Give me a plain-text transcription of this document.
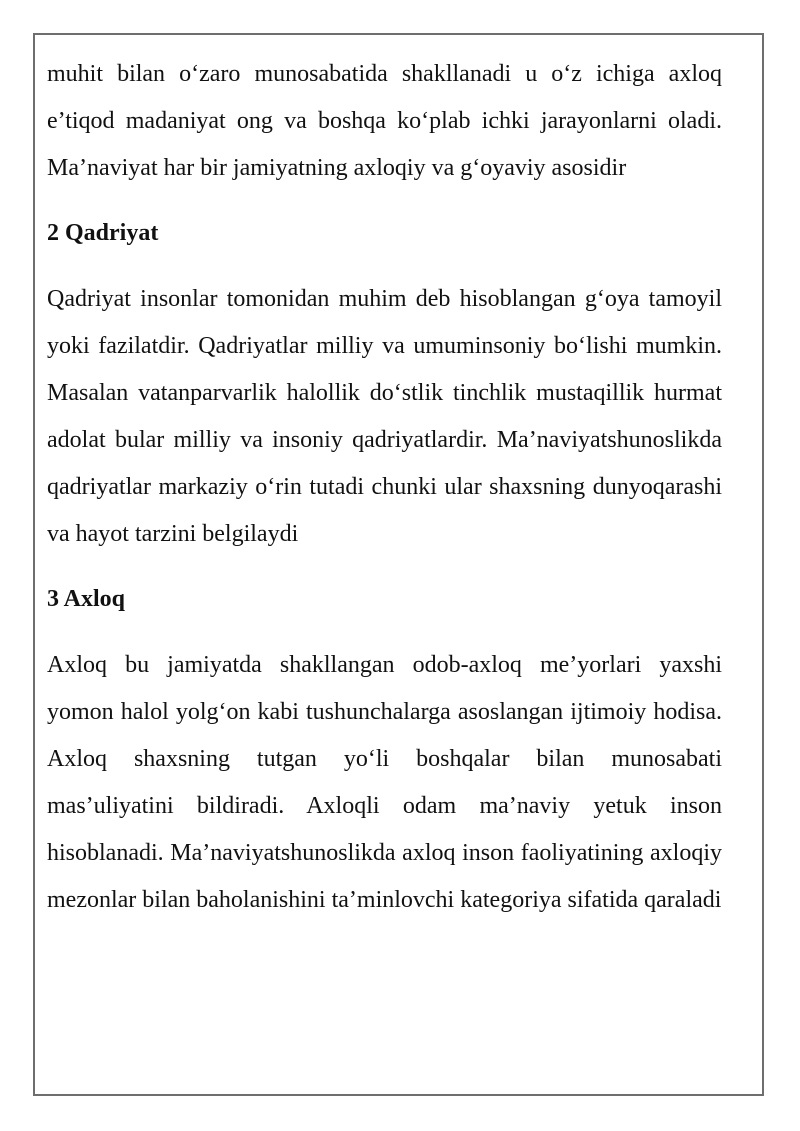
muhit bilan o‘zaro munosabatida shakllanadi u o‘z ichiga axloq e’tiqod madaniyat ong va boshqa ko‘plab ichki jarayonlarni oladi. Ma’naviyat har bir jamiyatning axloqiy va g‘oyaviy asosidir

2 Qadriyat

Qadriyat insonlar tomonidan muhim deb hisoblangan g‘oya tamoyil yoki fazilatdir. Qadriyatlar milliy va umuminsoniy bo‘lishi mumkin. Masalan vatanparvarlik halollik do‘stlik tinchlik mustaqillik hurmat adolat bular milliy va insoniy qadriyatlardir. Ma’naviyatshunoslikda qadriyatlar markaziy o‘rin tutadi chunki ular shaxsning dunyoqarashi va hayot tarzini belgilaydi

3 Axloq

Axloq bu jamiyatda shakllangan odob-axloq me’yorlari yaxshi yomon halol yolg‘on kabi tushunchalarga asoslangan ijtimoiy hodisa. Axloq shaxsning tutgan yo‘li boshqalar bilan munosabati mas’uliyatini bildiradi. Axloqli odam ma’naviy yetuk inson hisoblanadi. Ma’naviyatshunoslikda axloq inson faoliyatining axloqiy mezonlar bilan baholanishini ta’minlovchi kategoriya sifatida qaraladi
